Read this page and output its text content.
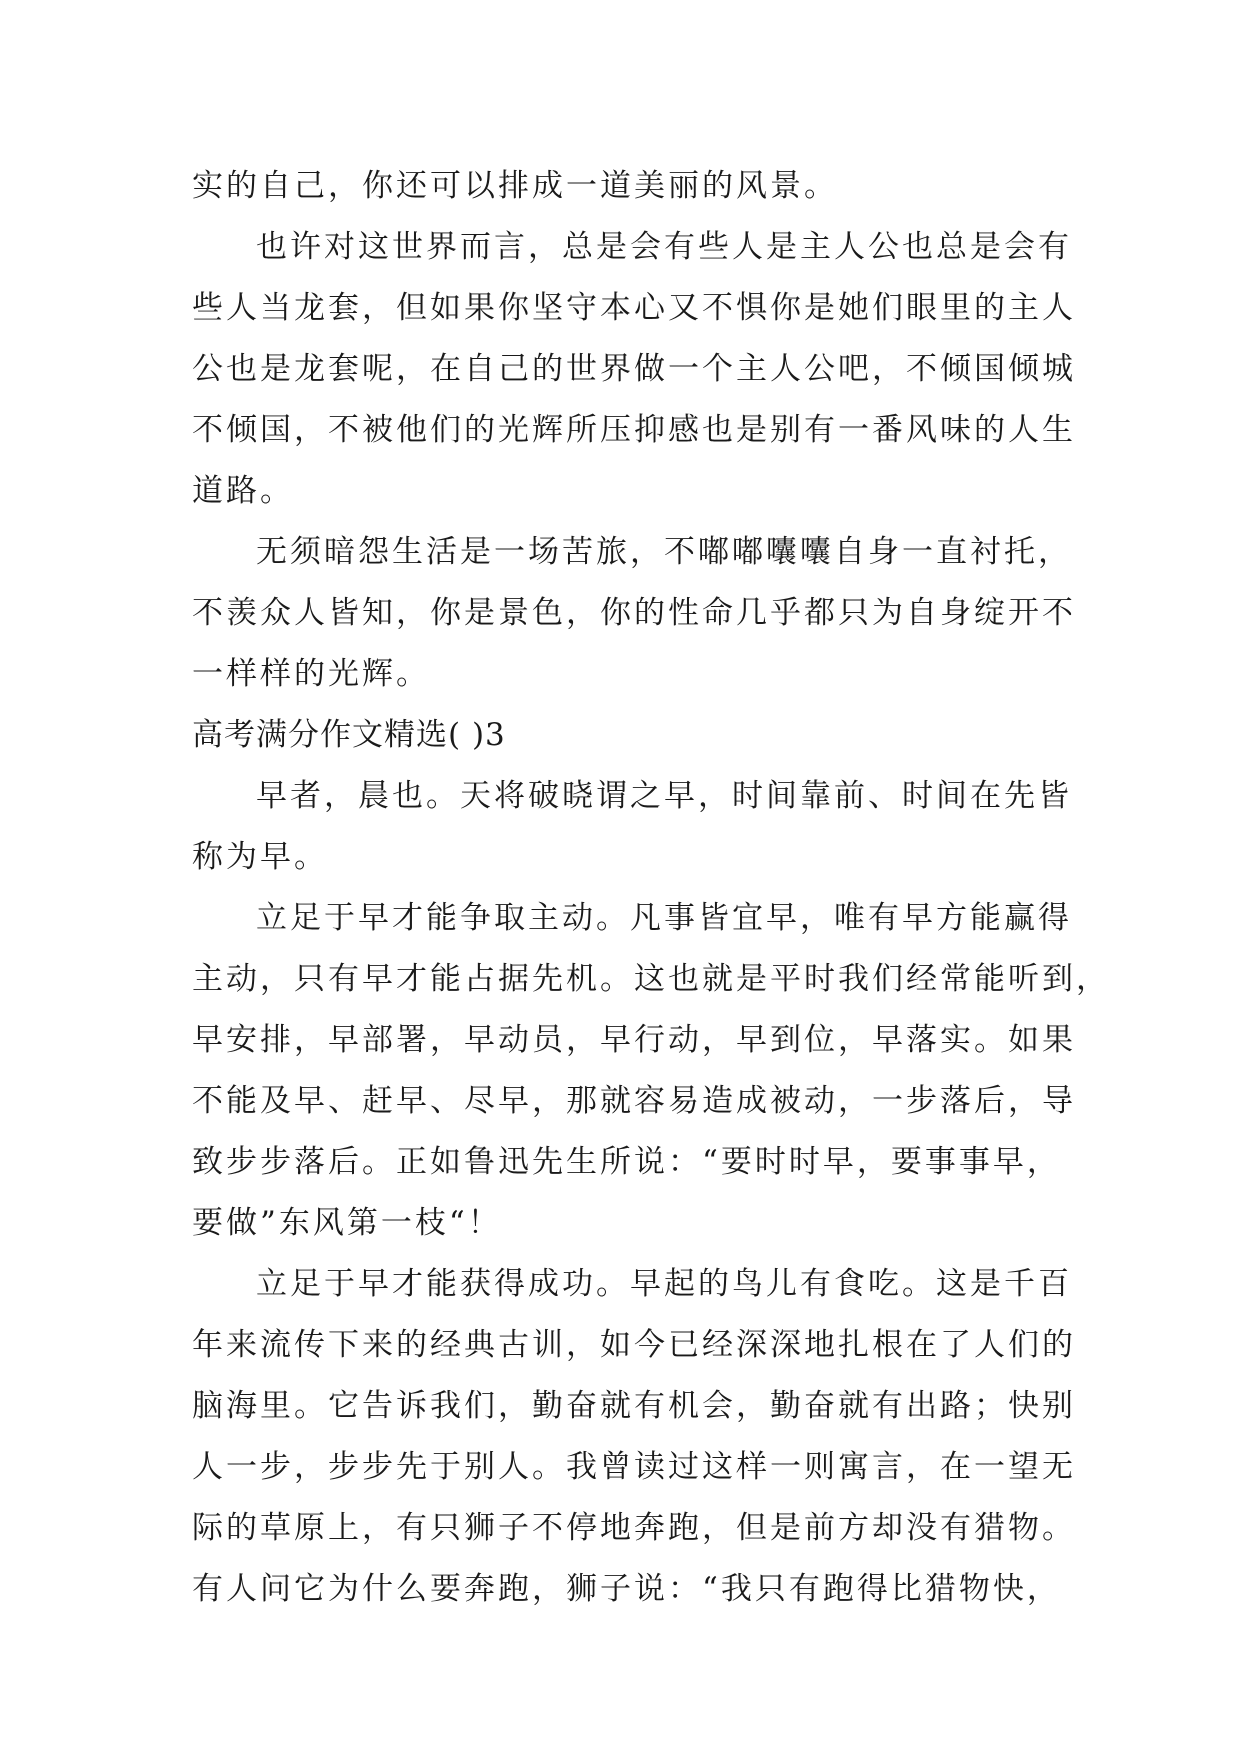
实的自己，你还可以排成一道美丽的风景。

也许对这世界而言，总是会有些人是主人公也总是会有
些人当龙套，但如果你坚守本心又不惧你是她们眼里的主人
公也是龙套呢，在自己的世界做一个主人公吧，不倾国倾城
不倾国，不被他们的光辉所压抑感也是别有一番风味的人生
道路。

无须暗怨生活是一场苦旅，不嘟嘟囔囔自身一直衬托，
不羡众人皆知，你是景色，你的性命几乎都只为自身绽开不
一样样的光辉。

高考满分作文精选( )3

早者，晨也。天将破晓谓之早，时间靠前、时间在先皆
称为早。

立足于早才能争取主动。凡事皆宜早，唯有早方能赢得
主动，只有早才能占据先机。这也就是平时我们经常能听到，
早安排，早部署，早动员，早行动，早到位，早落实。如果
不能及早、赶早、尽早，那就容易造成被动，一步落后，导
致步步落后。正如鲁迅先生所说：“要时时早，要事事早，
要做”东风第一枝“！

立足于早才能获得成功。早起的鸟儿有食吃。这是千百
年来流传下来的经典古训，如今已经深深地扎根在了人们的
脑海里。它告诉我们，勤奋就有机会，勤奋就有出路；快别
人一步，步步先于别人。我曾读过这样一则寓言，在一望无
际的草原上，有只狮子不停地奔跑，但是前方却没有猎物。
有人问它为什么要奔跑，狮子说：“我只有跑得比猎物快，
